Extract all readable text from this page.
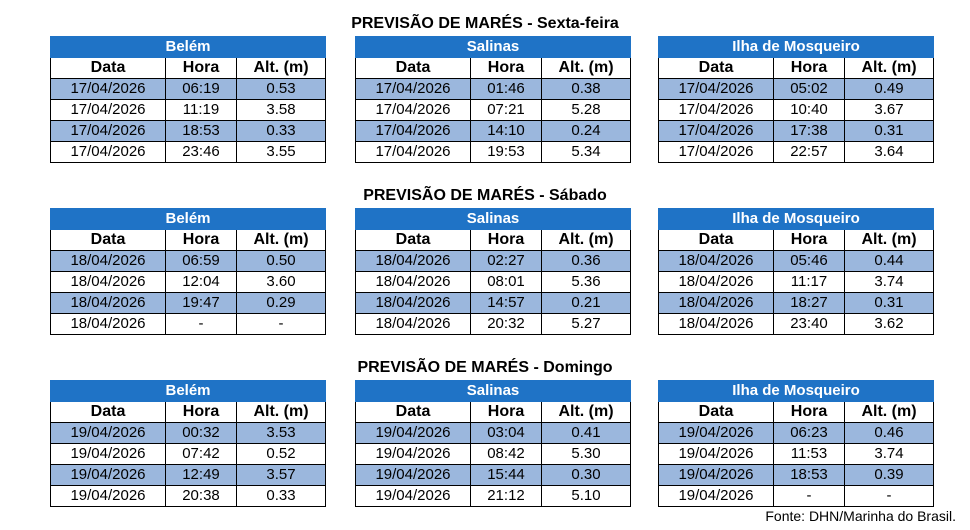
PREVISÃO DE MARÉS - Sexta-feira
Belém		
Data	Hora	Alt. (m)
17/04/2026	06:19	0.53
17/04/2026	11:19	3.58
17/04/2026	18:53	0.33
17/04/2026	23:46	3.55
Salinas		
Data	Hora	Alt. (m)
17/04/2026	01:46	0.38
17/04/2026	07:21	5.28
17/04/2026	14:10	0.24
17/04/2026	19:53	5.34
Ilha de Mosqueiro		
Data	Hora	Alt. (m)
17/04/2026	05:02	0.49
17/04/2026	10:40	3.67
17/04/2026	17:38	0.31
17/04/2026	22:57	3.64
PREVISÃO DE MARÉS - Sábado
Belém		
Data	Hora	Alt. (m)
18/04/2026	06:59	0.50
18/04/2026	12:04	3.60
18/04/2026	19:47	0.29
18/04/2026	-	-
Salinas		
Data	Hora	Alt. (m)
18/04/2026	02:27	0.36
18/04/2026	08:01	5.36
18/04/2026	14:57	0.21
18/04/2026	20:32	5.27
Ilha de Mosqueiro		
Data	Hora	Alt. (m)
18/04/2026	05:46	0.44
18/04/2026	11:17	3.74
18/04/2026	18:27	0.31
18/04/2026	23:40	3.62
PREVISÃO DE MARÉS - Domingo
Belém		
Data	Hora	Alt. (m)
19/04/2026	00:32	3.53
19/04/2026	07:42	0.52
19/04/2026	12:49	3.57
19/04/2026	20:38	0.33
Salinas		
Data	Hora	Alt. (m)
19/04/2026	03:04	0.41
19/04/2026	08:42	5.30
19/04/2026	15:44	0.30
19/04/2026	21:12	5.10
Ilha de Mosqueiro		
Data	Hora	Alt. (m)
19/04/2026	06:23	0.46
19/04/2026	11:53	3.74
19/04/2026	18:53	0.39
19/04/2026	-	-
Fonte: DHN/Marinha do Brasil.
